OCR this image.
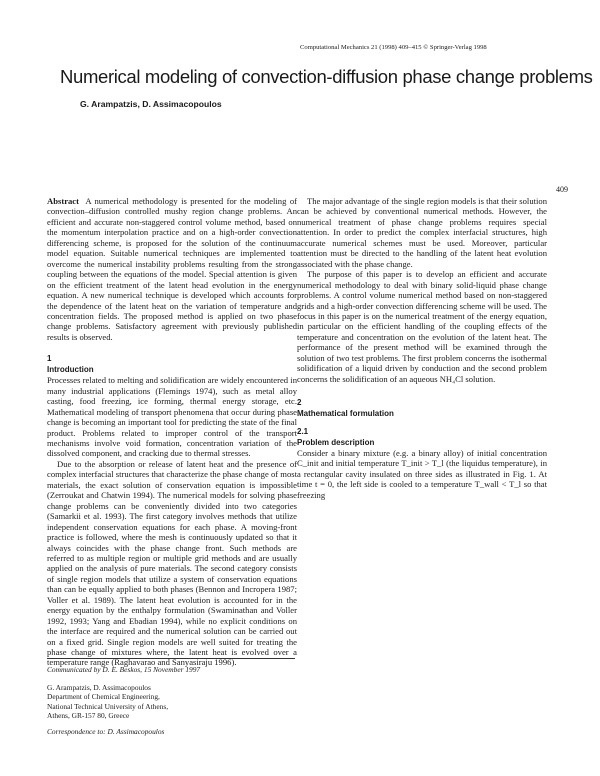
Computational Mechanics 21 (1998) 409–415 © Springer-Verlag 1998
Numerical modeling of convection-diffusion phase change problems
G. Arampatzis, D. Assimacopoulos
409

Abstract A numerical methodology is presented for the modeling of convection–diffusion controlled mushy region change problems. An efficient and accurate non-staggered control volume method, based on the momentum interpolation practice and on a high-order convection differencing scheme, is proposed for the solution of the continuum model equation. Suitable numerical techniques are implemented to overcome the numerical instability problems resulting from the strong coupling between the equations of the model. Special attention is given on the efficient treatment of the latent head evolution in the energy equation. A new numerical technique is developed which accounts for the dependence of the latent heat on the variation of temperature and concentration fields. The proposed method is applied on two phase change problems. Satisfactory agreement with previously published results is observed.

1
Introduction

Processes related to melting and solidification are widely encountered in many industrial applications (Flemings 1974), such as metal alloy casting, food freezing, ice forming, thermal energy storage, etc. Mathematical modeling of transport phenomena that occur during phase change is becoming an important tool for predicting the state of the final product. Problems related to improper control of the transport mechanisms involve void formation, concentration variation of the dissolved component, and cracking due to thermal stresses.

Due to the absorption or release of latent heat and the presence of complex interfacial structures that characterize the phase change of most materials, the exact solution of conservation equation is impossible (Zerroukat and Chatwin 1994). The numerical models for solving phase change problems can be conveniently divided into two categories (Samarkii et al. 1993). The first category involves methods that utilize independent conservation equations for each phase. A moving-front practice is followed, where the mesh is continuously updated so that it always coincides with the phase change front. Such methods are referred to as multiple region or multiple grid methods and are usually applied on the analysis of pure materials. The second category consists of single region models that utilize a system of conservation equations than can be equally applied to both phases (Bennon and Incropera 1987; Voller et al. 1989). The latent heat evolution is accounted for in the energy equation by the enthalpy formulation (Swaminathan and Voller 1992, 1993; Yang and Ebadian 1994), while no explicit conditions on the interface are required and the numerical solution can be carried out on a fixed grid. Single region models are well suited for treating the phase change of mixtures where, the latent heat is evolved over a temperature range (Raghavarao and Sanyasiraju 1996).

The major advantage of the single region models is that their solution can be achieved by conventional numerical methods. However, the numerical treatment of phase change problems requires special attention. In order to predict the complex interfacial structures, high accurate numerical schemes must be used. Moreover, particular attention must be directed to the handling of the latent heat evolution associated with the phase change.

The purpose of this paper is to develop an efficient and accurate numerical methodology to deal with binary solid-liquid phase change problems. A control volume numerical method based on non-staggered grids and a high-order convection differencing scheme will be used. The focus in this paper is on the numerical treatment of the energy equation, in particular on the efficient handling of the coupling effects of the temperature and concentration on the evolution of the latent heat. The performance of the present method will be examined through the solution of two test problems. The first problem concerns the isothermal solidification of a liquid driven by conduction and the second problem concerns the solidification of an aqueous NH₄Cl solution.

2
Mathematical formulation
2.1
Problem description

Consider a binary mixture (e.g. a binary alloy) of initial concentration C_init and initial temperature T_init > T_l (the liquidus temperature), in a rectangular cavity insulated on three sides as illustrated in Fig. 1. At time t = 0, the left side is cooled to a temperature T_wall < T_l so that freezing

Communicated by D. E. Beskos, 15 November 1997
G. Arampatzis, D. Assimacopoulos
Department of Chemical Engineering,
National Technical University of Athens,
Athens, GR-157 80, Greece
Correspondence to: D. Assimacopoulos
